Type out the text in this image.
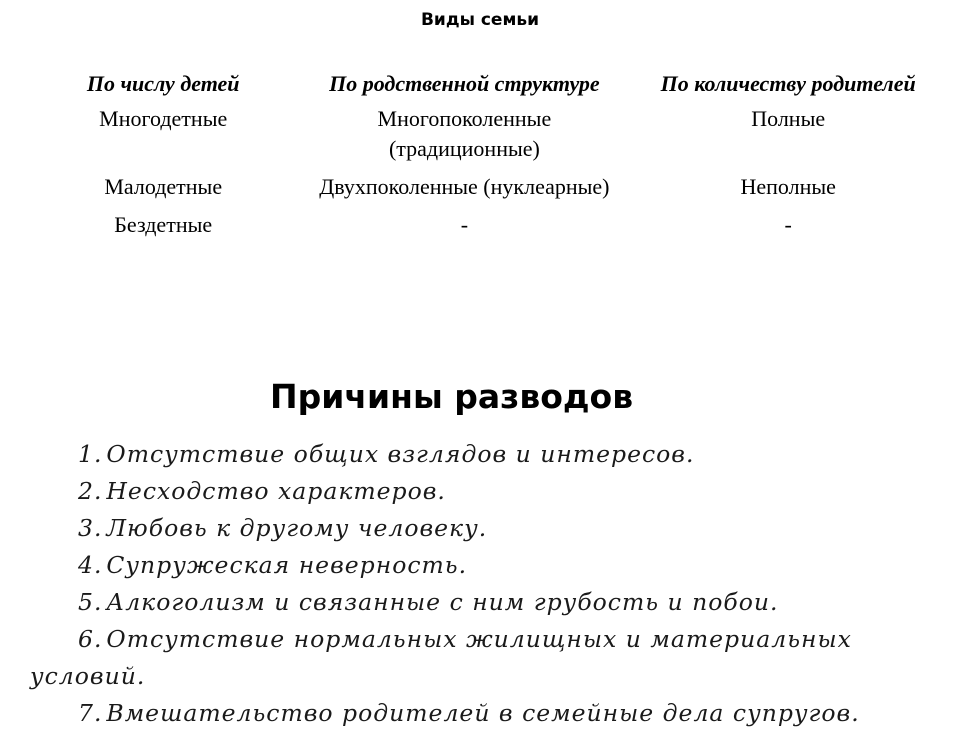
Виды семьи
По числу детей	По родственной структуре	По количеству родителей
Многодетные	Многопоколенные (традиционные)	Полные
Малодетные	Двухпоколенные (нуклеарные)	Неполные
Бездетные	-	-
Причины разводов
1. Отсутствие общих взглядов и интересов.
2. Несходство характеров.
3. Любовь к другому человеку.
4. Супружеская неверность.
5. Алкоголизм и связанные с ним грубость и побои.
6. Отсутствие нормальных жилищных и материальных условий.
7. Вмешательство родителей в семейные дела супругов.
